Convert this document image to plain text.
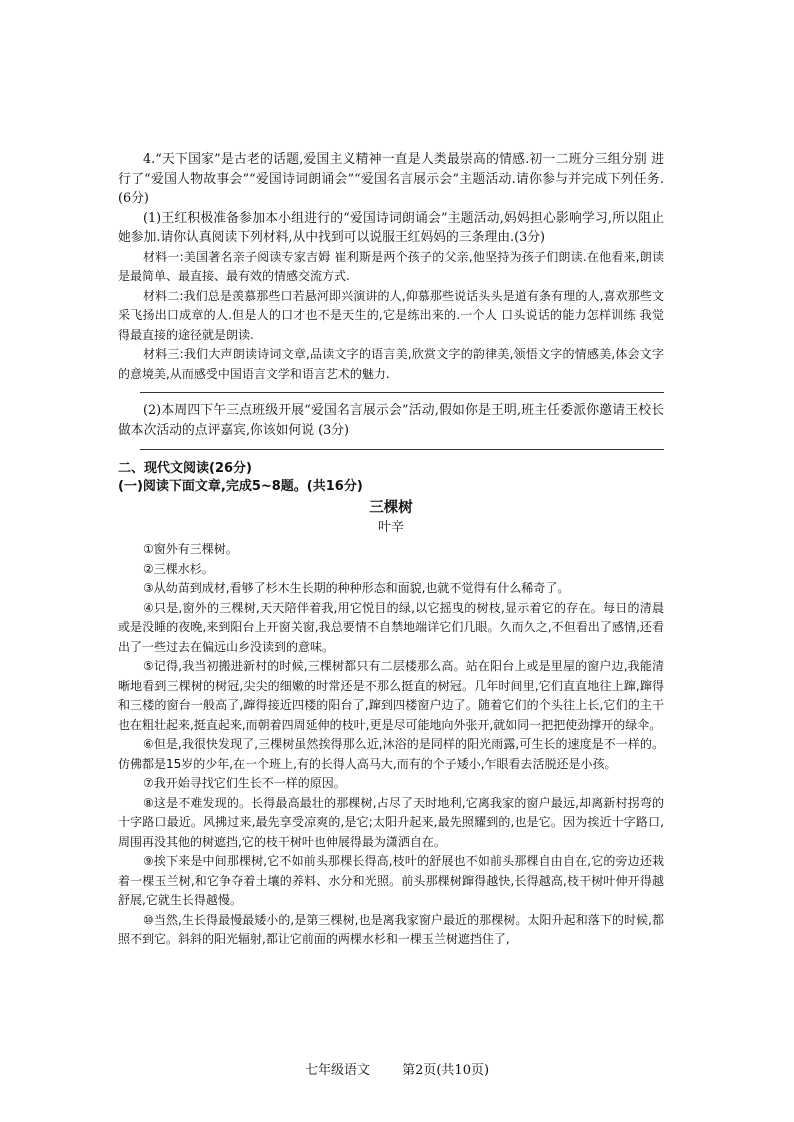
4.“天下国家”是古老的话题,爱国主义精神一直是人类最崇高的情感.初一二班分三组分别 进行了“爱国人物故事会”“爱国诗词朗诵会”“爱国名言展示会”主题活动.请你参与并完成下列任务.(6分)

(1)王红积极准备参加本小组进行的“爱国诗词朗诵会”主题活动,妈妈担心影响学习,所以阻止她参加.请你认真阅读下列材料,从中找到可以说服王红妈妈的三条理由.(3分)

材料一:美国著名亲子阅读专家吉姆 崔利斯是两个孩子的父亲,他坚持为孩子们朗读.在他看来,朗读是最简单、最直接、最有效的情感交流方式.

材料二:我们总是羡慕那些口若悬河即兴演讲的人,仰慕那些说话头头是道有条有理的人,喜欢那些文采飞扬出口成章的人.但是人的口才也不是天生的,它是练出来的.一个人 口头说话的能力怎样训练 我觉得最直接的途径就是朗读.

材料三:我们大声朗读诗词文章,品读文字的语言美,欣赏文字的韵律美,领悟文字的情感美,体会文字的意境美,从而感受中国语言文学和语言艺术的魅力.

(2)本周四下午三点班级开展“爱国名言展示会”活动,假如你是王明,班主任委派你邀请王校长做本次活动的点评嘉宾,你该如何说 (3分)

二、现代文阅读(26分)

(一)阅读下面文章,完成5~8题。(共16分)

三棵树

叶辛

①窗外有三棵树。

②三棵水杉。

③从幼苗到成材,看够了杉木生长期的种种形态和面貌,也就不觉得有什么稀奇了。

④只是,窗外的三棵树,天天陪伴着我,用它悦目的绿,以它摇曳的树枝,显示着它的存在。每日的清晨或是没睡的夜晚,来到阳台上开窗关窗,我总要情不自禁地端详它们几眼。久而久之,不但看出了感情,还看出了一些过去在偏远山乡没读到的意味。

⑤记得,我当初搬进新村的时候,三棵树都只有二层楼那么高。站在阳台上或是里屋的窗户边,我能清晰地看到三棵树的树冠,尖尖的细嫩的时常还是不那么挺直的树冠。几年时间里,它们直直地往上蹿,蹿得和三楼的窗台一般高了,蹿得接近四楼的阳台了,蹿到四楼窗户边了。随着它们的个头往上长,它们的主干也在粗壮起来,挺直起来,而朝着四周延伸的枝叶,更是尽可能地向外张开,就如同一把把使劲撑开的绿伞。

⑥但是,我很快发现了,三棵树虽然挨得那么近,沐浴的是同样的阳光雨露,可生长的速度是不一样的。仿佛都是15岁的少年,在一个班上,有的长得人高马大,而有的个子矮小,乍眼看去活脱还是小孩。

⑦我开始寻找它们生长不一样的原因。

⑧这是不难发现的。长得最高最壮的那棵树,占尽了天时地利,它离我家的窗户最远,却离新村拐弯的十字路口最近。风拂过来,最先享受凉爽的,是它;太阳升起来,最先照耀到的,也是它。因为挨近十字路口,周围再没其他的树遮挡,它的枝干树叶也伸展得最为潇洒自在。

⑨挨下来是中间那棵树,它不如前头那棵长得高,枝叶的舒展也不如前头那棵自由自在,它的旁边还栽着一棵玉兰树,和它争夺着土壤的养料、水分和光照。前头那棵树蹿得越快,长得越高,枝干树叶伸开得越舒展,它就生长得越慢。

⑩当然,生长得最慢最矮小的,是第三棵树,也是离我家窗户最近的那棵树。太阳升起和落下的时候,都照不到它。斜斜的阳光辐射,都让它前面的两棵水杉和一棵玉兰树遮挡住了,

七年级语文 第2页(共10页)
